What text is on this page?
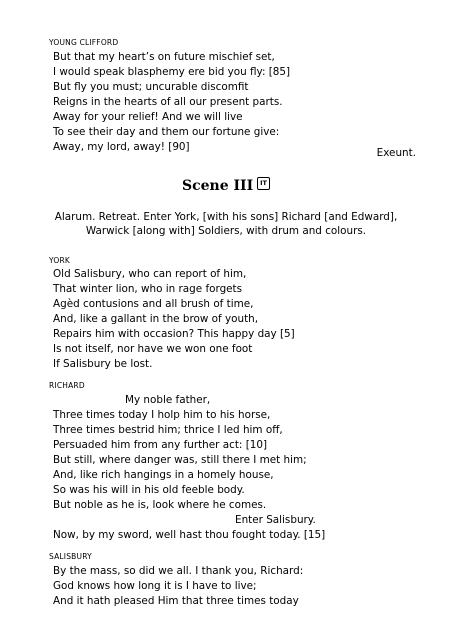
YOUNG CLIFFORD
But that my heart’s on future mischief set,
I would speak blasphemy ere bid you fly: [85]
But fly you must; uncurable discomfit
Reigns in the hearts of all our present parts.
Away for your relief! And we will live
To see their day and them our fortune give:
Away, my lord, away! [90]	Exeunt.
Scene III IT
Alarum. Retreat. Enter York, [with his sons] Richard [and Edward],
Warwick [along with] Soldiers, with drum and colours.
YORK
Old Salisbury, who can report of him,
That winter lion, who in rage forgets
Agèd contusions and all brush of time,
And, like a gallant in the brow of youth,
Repairs him with occasion? This happy day [5]
Is not itself, nor have we won one foot
If Salisbury be lost.
RICHARD
My noble father,
Three times today I holp him to his horse,
Three times bestrid him; thrice I led him off,
Persuaded him from any further act: [10]
But still, where danger was, still there I met him;
And, like rich hangings in a homely house,
So was his will in his old feeble body.
But noble as he is, look where he comes.
Enter Salisbury.
Now, by my sword, well hast thou fought today. [15]
SALISBURY
By the mass, so did we all. I thank you, Richard:
God knows how long it is I have to live;
And it hath pleased Him that three times today
